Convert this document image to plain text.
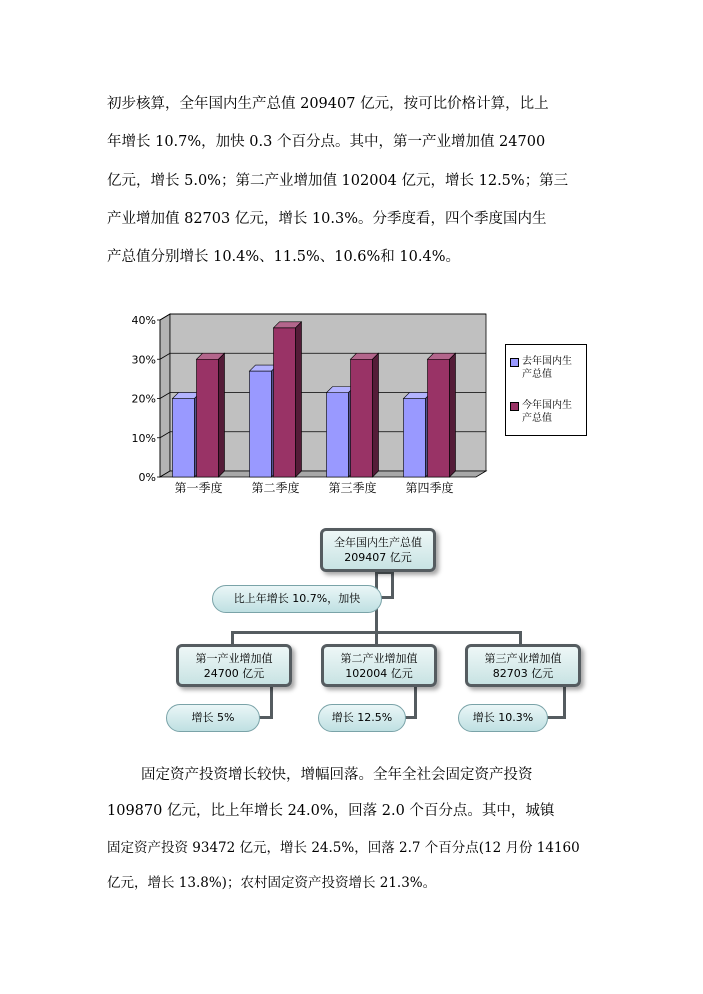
初步核算，全年国内生产总值 209407 亿元，按可比价格计算，比上
年增长 10.7%，加快 0.3 个百分点。其中，第一产业增加值 24700
亿元，增长 5.0%；第二产业增加值 102004 亿元，增长 12.5%；第三
产业增加值 82703 亿元，增长 10.3%。分季度看，四个季度国内生
产总值分别增长 10.4%、11.5%、10.6%和 10.4%。
0%
10%
20%
30%
40%
第一季度 第二季度 第三季度 第四季度
去年国内生
产总值
今年国内生
产总值
全年国内生产总值
209407 亿元
比上年增长 10.7%，加快
第一产业增加值
24700 亿元
第二产业增加值
102004 亿元
第三产业增加值
82703 亿元
增长 5%	增长 12.5%	增长 10.3%
固定资产投资增长较快，增幅回落。全年全社会固定资产投资
109870 亿元，比上年增长 24.0%，回落 2.0 个百分点。其中，城镇
固定资产投资 93472 亿元，增长 24.5%，回落 2.7 个百分点(12 月份 14160
亿元，增长 13.8%)；农村固定资产投资增长 21.3%。
